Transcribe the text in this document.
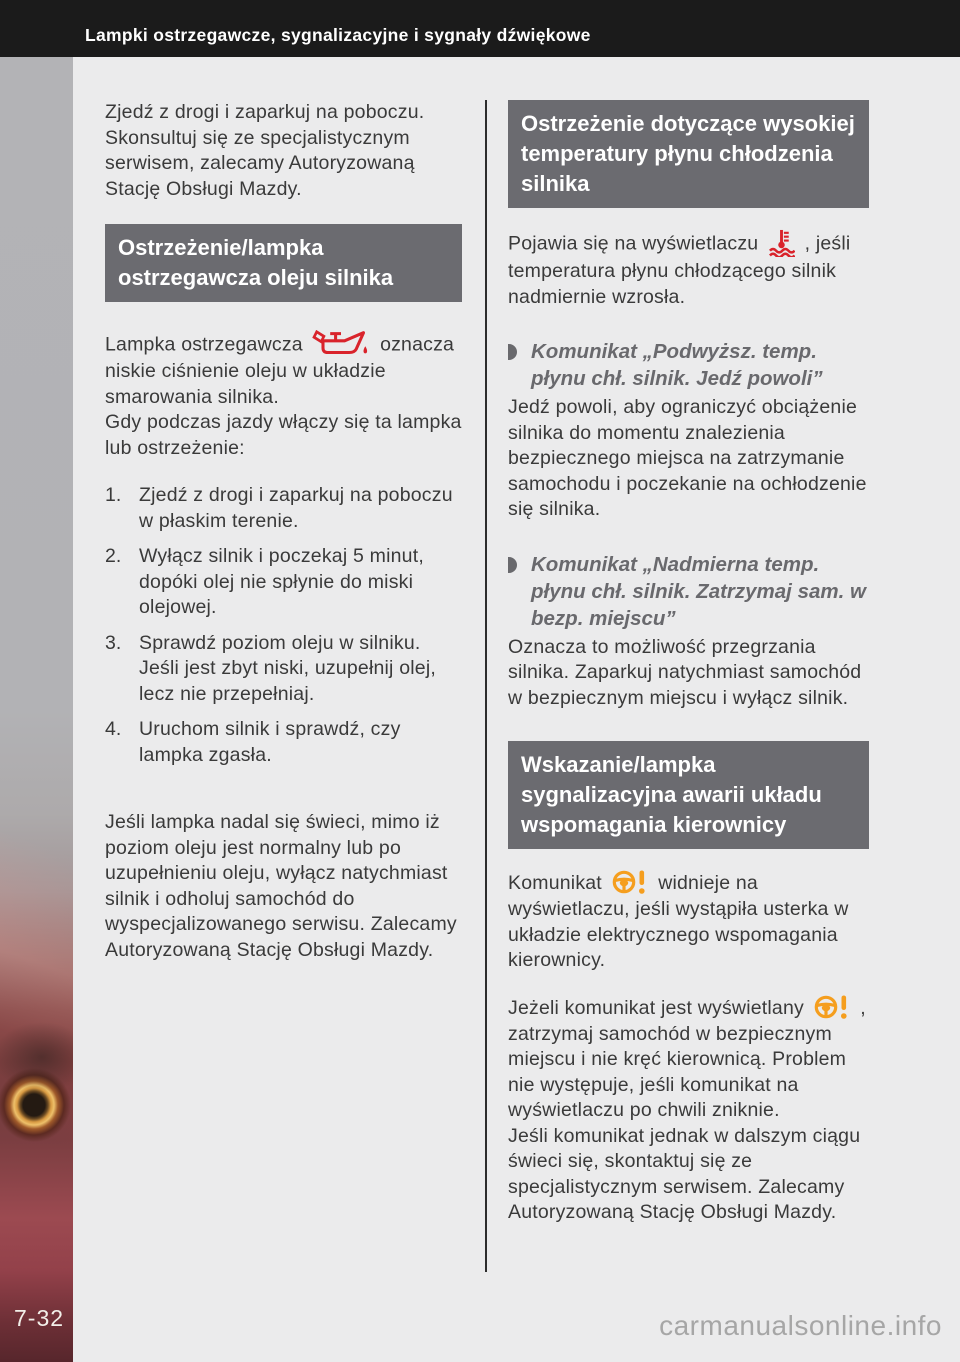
Lampki ostrzegawcze, sygnalizacyjne i sygnały dźwiękowe
7-32

Zjedź z drogi i zaparkuj na poboczu. Skonsultuj się ze specjalistycznym serwisem, zalecamy Autoryzowaną Stację Obsługi Mazdy.

Ostrzeżenie/lampka ostrzegawcza oleju silnika

Lampka ostrzegawcza	oznacza niskie ciśnienie oleju w układzie smarowania silnika.

Gdy podczas jazdy włączy się ta lampka lub ostrzeżenie:

1. Zjedź z drogi i zaparkuj na poboczu w płaskim terenie.
2. Wyłącz silnik i poczekaj 5 minut, dopóki olej nie spłynie do miski olejowej.
3. Sprawdź poziom oleju w silniku. Jeśli jest zbyt niski, uzupełnij olej, lecz nie przepełniaj.
4. Uruchom silnik i sprawdź, czy lampka zgasła.

Jeśli lampka nadal się świeci, mimo iż poziom oleju jest normalny lub po uzupełnieniu oleju, wyłącz natychmiast silnik i odholuj samochód do wyspecjalizowanego serwisu. Zalecamy Autoryzowaną Stację Obsługi Mazdy.

Ostrzeżenie dotyczące wysokiej temperatury płynu chłodzenia silnika

Pojawia się na wyświetlaczu , jeśli temperatura płynu chłodzącego silnik nadmiernie wzrosła.

Komunikat „Podwyższ. temp. płynu chł. silnik. Jedź powoli”

Jedź powoli, aby ograniczyć obciążenie silnika do momentu znalezienia bezpiecznego miejsca na zatrzymanie samochodu i poczekanie na ochłodzenie się silnika.

Komunikat „Nadmierna temp. płynu chł. silnik. Zatrzymaj sam. w bezp. miejscu”

Oznacza to możliwość przegrzania silnika. Zaparkuj natychmiast samochód w bezpiecznym miejscu i wyłącz silnik.

Wskazanie/lampka sygnalizacyjna awarii układu wspomagania kierownicy

Komunikat	widnieje na wyświetlaczu, jeśli wystąpiła usterka w układzie elektrycznego wspomagania kierownicy.

Jeżeli komunikat jest wyświetlany	, zatrzymaj samochód w bezpiecznym miejscu i nie kręć kierownicą. Problem nie występuje, jeśli komunikat na wyświetlaczu po chwili zniknie.

Jeśli komunikat jednak w dalszym ciągu świeci się, skontaktuj się ze specjalistycznym serwisem. Zalecamy Autoryzowaną Stację Obsługi Mazdy.

carmanualsonline.info
